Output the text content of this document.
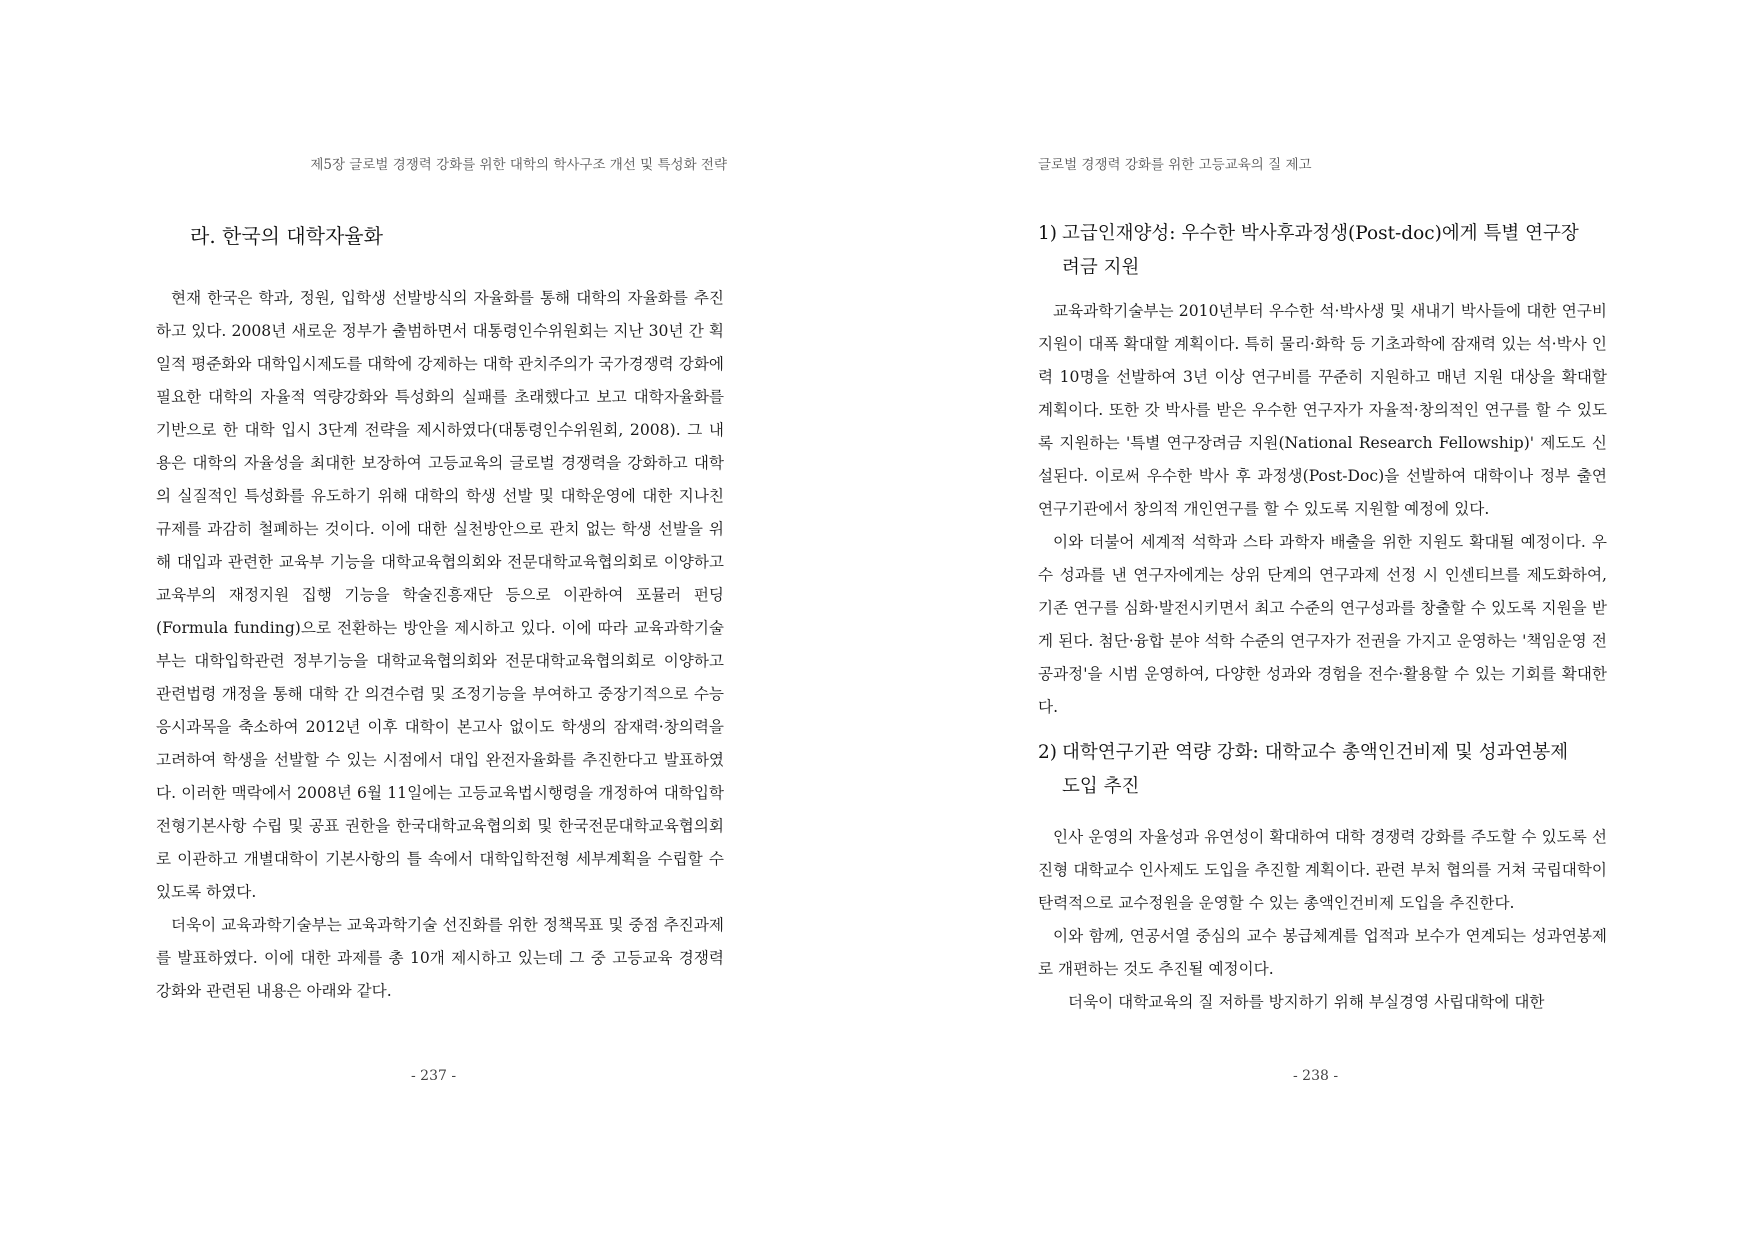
제5장 글로벌 경쟁력 강화를 위한 대학의 학사구조 개선 및 특성화 전략
라. 한국의 대학자율화

현재 한국은 학과, 정원, 입학생 선발방식의 자율화를 통해 대학의 자율화를 추진하고 있다. 2008년 새로운 정부가 출범하면서 대통령인수위원회는 지난 30년 간 획일적 평준화와 대학입시제도를 대학에 강제하는 대학 관치주의가 국가경쟁력 강화에 필요한 대학의 자율적 역량강화와 특성화의 실패를 초래했다고 보고 대학자율화를 기반으로 한 대학 입시 3단계 전략을 제시하였다(대통령인수위원회, 2008). 그 내용은 대학의 자율성을 최대한 보장하여 고등교육의 글로벌 경쟁력을 강화하고 대학의 실질적인 특성화를 유도하기 위해 대학의 학생 선발 및 대학운영에 대한 지나친 규제를 과감히 철폐하는 것이다. 이에 대한 실천방안으로 관치 없는 학생 선발을 위해 대입과 관련한 교육부 기능을 대학교육협의회와 전문대학교육협의회로 이양하고 교육부의 재정지원 집행 기능을 학술진흥재단 등으로 이관하여 포뮬러 펀딩(Formula funding)으로 전환하는 방안을 제시하고 있다. 이에 따라 교육과학기술부는 대학입학관련 정부기능을 대학교육협의회와 전문대학교육협의회로 이양하고 관련법령 개정을 통해 대학 간 의견수렴 및 조정기능을 부여하고 중장기적으로 수능 응시과목을 축소하여 2012년 이후 대학이 본고사 없이도 학생의 잠재력·창의력을 고려하여 학생을 선발할 수 있는 시점에서 대입 완전자율화를 추진한다고 발표하였다. 이러한 맥락에서 2008년 6월 11일에는 고등교육법시행령을 개정하여 대학입학전형기본사항 수립 및 공표 권한을 한국대학교육협의회 및 한국전문대학교육협의회로 이관하고 개별대학이 기본사항의 틀 속에서 대학입학전형 세부계획을 수립할 수 있도록 하였다.

더욱이 교육과학기술부는 교육과학기술 선진화를 위한 정책목표 및 중점 추진과제를 발표하였다. 이에 대한 과제를 총 10개 제시하고 있는데 그 중 고등교육 경쟁력 강화와 관련된 내용은 아래와 같다.

- 237 -
글로벌 경쟁력 강화를 위한 고등교육의 질 제고
1) 고급인재양성: 우수한 박사후과정생(Post-doc)에게 특별 연구장
려금 지원

교육과학기술부는 2010년부터 우수한 석·박사생 및 새내기 박사들에 대한 연구비 지원이 대폭 확대할 계획이다. 특히 물리·화학 등 기초과학에 잠재력 있는 석·박사 인력 10명을 선발하여 3년 이상 연구비를 꾸준히 지원하고 매년 지원 대상을 확대할 계획이다. 또한 갓 박사를 받은 우수한 연구자가 자율적·창의적인 연구를 할 수 있도록 지원하는 '특별 연구장려금 지원(National Research Fellowship)' 제도도 신설된다. 이로써 우수한 박사 후 과정생(Post-Doc)을 선발하여 대학이나 정부 출연 연구기관에서 창의적 개인연구를 할 수 있도록 지원할 예정에 있다.

이와 더불어 세계적 석학과 스타 과학자 배출을 위한 지원도 확대될 예정이다. 우수 성과를 낸 연구자에게는 상위 단계의 연구과제 선정 시 인센티브를 제도화하여, 기존 연구를 심화·발전시키면서 최고 수준의 연구성과를 창출할 수 있도록 지원을 받게 된다. 첨단·융합 분야 석학 수준의 연구자가 전권을 가지고 운영하는 '책임운영 전공과정'을 시범 운영하여, 다양한 성과와 경험을 전수·활용할 수 있는 기회를 확대한다.

2) 대학연구기관 역량 강화: 대학교수 총액인건비제 및 성과연봉제
도입 추진

인사 운영의 자율성과 유연성이 확대하여 대학 경쟁력 강화를 주도할 수 있도록 선진형 대학교수 인사제도 도입을 추진할 계획이다. 관련 부처 협의를 거쳐 국립대학이 탄력적으로 교수정원을 운영할 수 있는 총액인건비제 도입을 추진한다.

이와 함께, 연공서열 중심의 교수 봉급체계를 업적과 보수가 연계되는 성과연봉제로 개편하는 것도 추진될 예정이다.

더욱이 대학교육의 질 저하를 방지하기 위해 부실경영 사립대학에 대한

- 238 -
